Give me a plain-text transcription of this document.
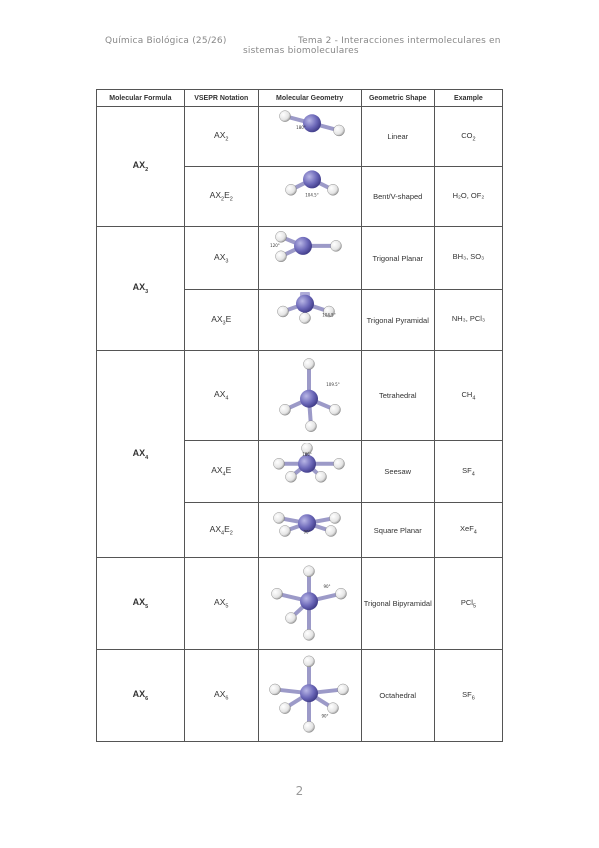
Química Biológica (25/26)	Tema 2 - Interacciones intermoleculares en
sistemas biomoleculares
Molecular Formula	VSEPR Notation	Molecular Geometry	Geometric Shape	Example
$AX_2$	$AX_2$	180°	Linear	$CO_2$
	$AX_2E_2$	104.5°	Bent/V-shaped	H₂O, OF₂
$AX_3$	$AX_3$	120°	Trigonal Planar	BH₃, SO₃
	$AX_3E$	104.5°	Trigonal Pyramidal	NH₃, PCl₃
$AX_4$	$AX_4$	109.5°	Tetrahedral	$CH_4$
	$AX_4E$	180°	Seesaw	$SF_4$
	$AX_4E_2$	90°	Square Planar	XeF$_4$
$AX_5$	$AX_5$	90°	Trigonal Bipyramidal	PCl$_5$
$AX_6$	$AX_6$	90°	Octahedral	$SF_6$
2
